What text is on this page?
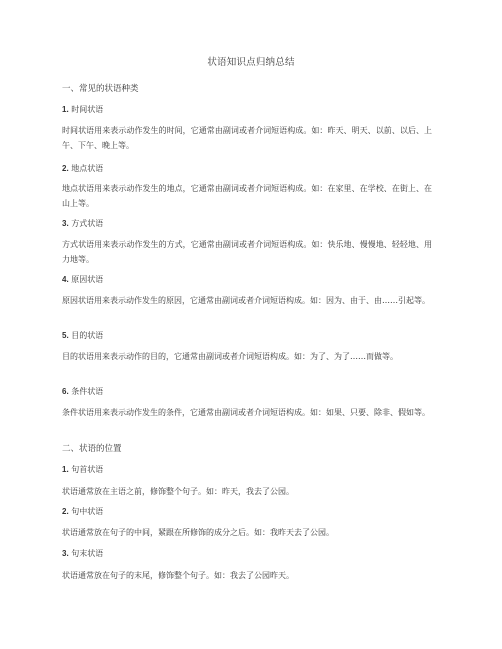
状语知识点归纳总结
一、常见的状语种类
1. 时间状语
时间状语用来表示动作发生的时间，它通常由副词或者介词短语构成。如：昨天、明天、以前、以后、上午、下午、晚上等。
2. 地点状语
地点状语用来表示动作发生的地点，它通常由副词或者介词短语构成。如：在家里、在学校、在街上、在山上等。
3. 方式状语
方式状语用来表示动作发生的方式，它通常由副词或者介词短语构成。如：快乐地、慢慢地、轻轻地、用力地等。
4. 原因状语
原因状语用来表示动作发生的原因，它通常由副词或者介词短语构成。如：因为、由于、由……引起等。
5. 目的状语
目的状语用来表示动作的目的，它通常由副词或者介词短语构成。如：为了、为了……而做等。
6. 条件状语
条件状语用来表示动作发生的条件，它通常由副词或者介词短语构成。如：如果、只要、除非、假如等。
二、状语的位置
1. 句首状语
状语通常放在主语之前，修饰整个句子。如：昨天，我去了公园。
2. 句中状语
状语通常放在句子的中间，紧跟在所修饰的成分之后。如：我昨天去了公园。
3. 句末状语
状语通常放在句子的末尾，修饰整个句子。如：我去了公园昨天。
